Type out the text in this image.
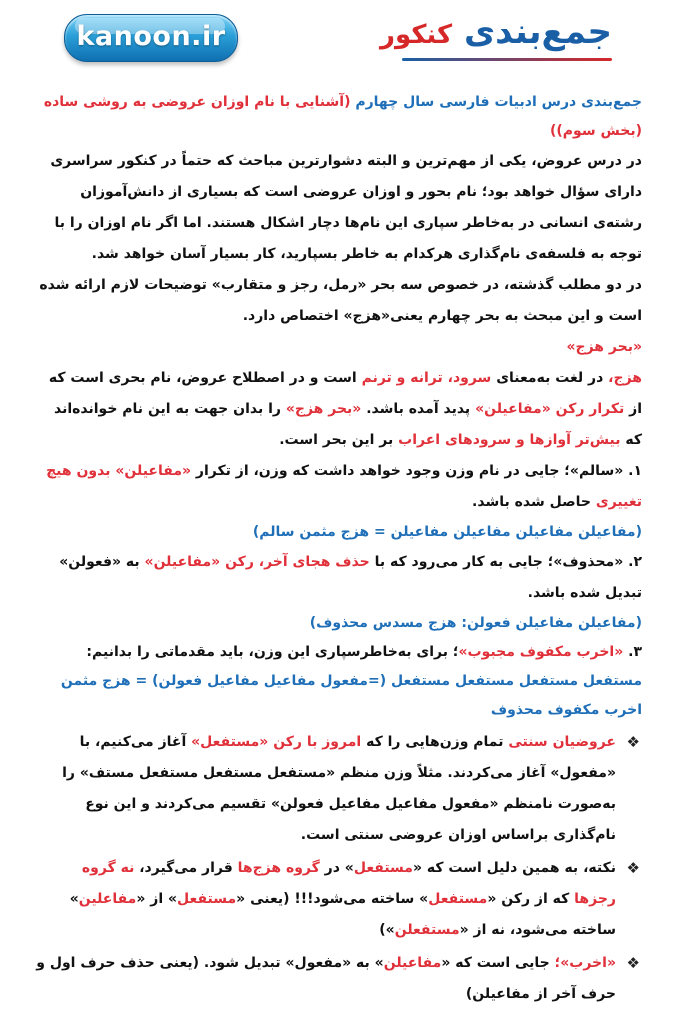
kanoon.ir	جمع‌بندی کنکور

جمع‌بندی درس ادبیات فارسی سال چهارم (آشنایی با نام اوزان عروضی به روشی ساده (بخش سوم))

در درس عروض، یکی از مهم‌ترین و البته دشوارترین مباحث که حتماً در کنکور سراسری دارای سؤال خواهد بود؛ نام بحور و اوزان عروضی است که بسیاری از دانش‌آموزان رشته‌ی انسانی در به‌خاطر سپاری این نام‌ها دچار اشکال هستند. اما اگر نام اوزان را با توجه به فلسفه‌ی نام‌گذاری هرکدام به خاطر بسپارید، کار بسیار آسان خواهد شد.

در دو مطلب گذشته، در خصوص سه بحر «رمل، رجز و متقارب» توضیحات لازم ارائه شده است و این مبحث به بحر چهارم یعنی«هزج» اختصاص دارد.

«بحر هزج»

هزج، در لغت به‌معنای سرود، ترانه و ترنم است و در اصطلاح عروض، نام بحری است که از تکرار رکن «مفاعیلن» پدید آمده باشد. «بحر هزج» را بدان جهت به این نام خوانده‌اند که بیش‌تر آوازها و سرودهای اعراب بر این بحر است.

۱. «سالم»؛ جایی در نام وزن وجود خواهد داشت که وزن، از تکرار «مفاعیلن» بدون هیچ تغییری حاصل شده باشد.

(مفاعیلن مفاعیلن مفاعیلن مفاعیلن = هزج مثمن سالم)

۲. «محذوف»؛ جایی به کار می‌رود که با حذف هجای آخر، رکن «مفاعیلن» به «فعولن» تبدیل شده باشد.

(مفاعیلن مفاعیلن فعولن: هزج مسدس محذوف)

۳. «اخرب مکفوف مجبوب»؛ برای به‌خاطرسپاری این وزن، باید مقدماتی را بدانیم:

مستفعل مستفعل مستفعل مستفعل (=مفعول مفاعیل مفاعیل فعولن) = هزج مثمن اخرب مکفوف محذوف

❖
عروضیان سنتی تمام وزن‌هایی را که امروز با رکن «مستفعل» آغاز می‌کنیم، با «مفعول» آغاز می‌کردند. مثلاً وزن منظم «مستفعل مستفعل مستفعل مستف» را به‌صورت نامنظم «مفعول مفاعیل مفاعیل فعولن» تقسیم می‌کردند و این نوع نام‌گذاری براساس اوزان عروضی سنتی است.
❖
نکته، به همین دلیل است که «مستفعل» در گروه هزج‌ها قرار می‌گیرد، نه گروه رجزها که از رکن «مستفعل» ساخته می‌شود!!! (یعنی «مستفعل» از «مفاعلین» ساخته می‌شود، نه از «مستفعلن»)
❖
«اخرب»؛ جایی است که «مفاعیلن» به «مفعول» تبدیل شود. (یعنی حذف حرف اول و حرف آخر از مفاعیلن)
